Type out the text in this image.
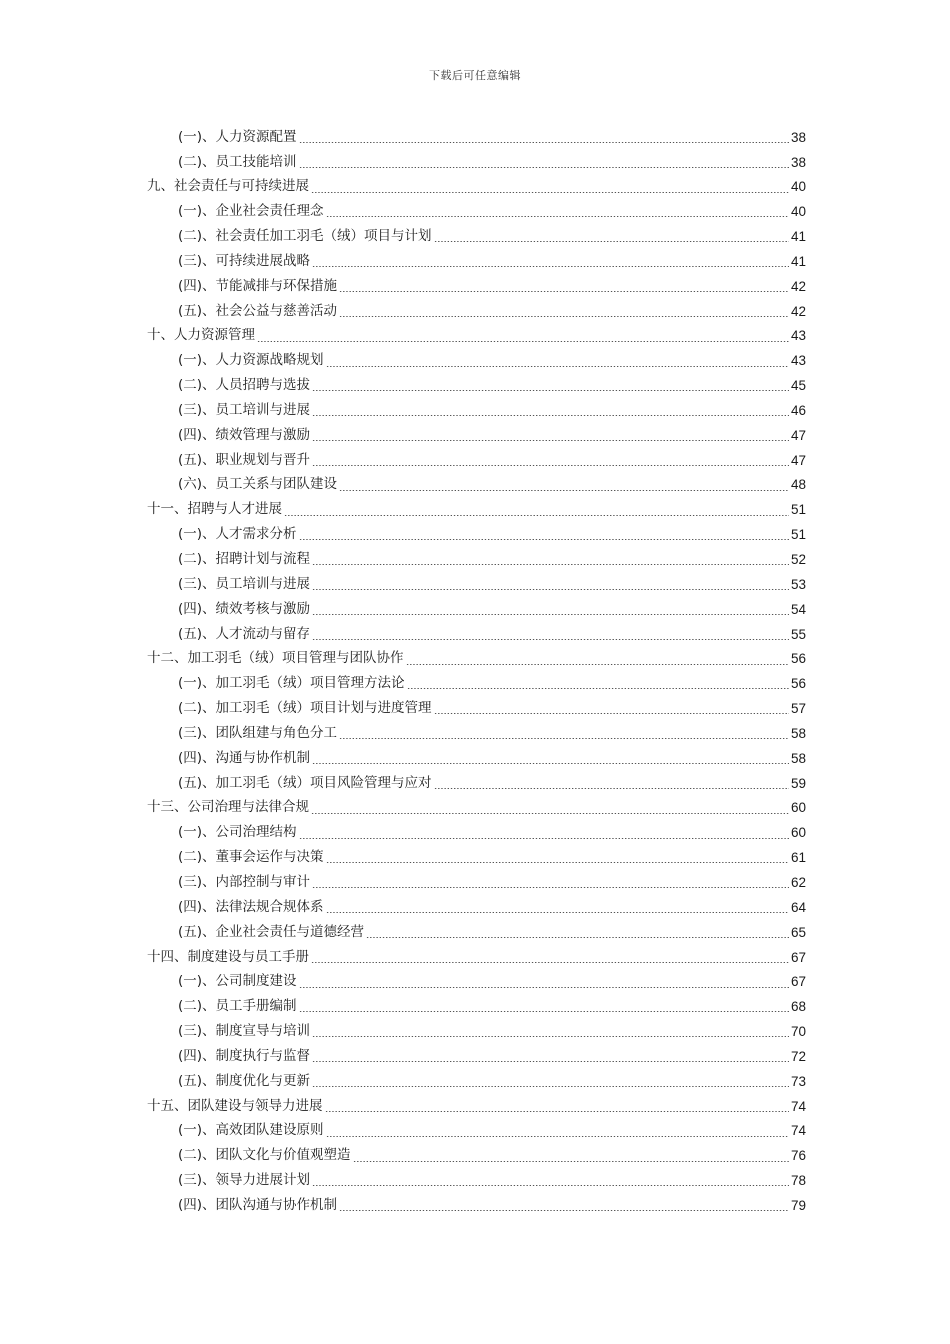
下载后可任意编辑
(一)、人力资源配置	38
(二)、员工技能培训	38
九、社会责任与可持续进展	40
(一)、企业社会责任理念	40
(二)、社会责任加工羽毛（绒）项目与计划	41
(三)、可持续进展战略	41
(四)、节能减排与环保措施	42
(五)、社会公益与慈善活动	42
十、人力资源管理	43
(一)、人力资源战略规划	43
(二)、人员招聘与选拔	45
(三)、员工培训与进展	46
(四)、绩效管理与激励	47
(五)、职业规划与晋升	47
(六)、员工关系与团队建设	48
十一、招聘与人才进展	51
(一)、人才需求分析	51
(二)、招聘计划与流程	52
(三)、员工培训与进展	53
(四)、绩效考核与激励	54
(五)、人才流动与留存	55
十二、加工羽毛（绒）项目管理与团队协作	56
(一)、加工羽毛（绒）项目管理方法论	56
(二)、加工羽毛（绒）项目计划与进度管理	57
(三)、团队组建与角色分工	58
(四)、沟通与协作机制	58
(五)、加工羽毛（绒）项目风险管理与应对	59
十三、公司治理与法律合规	60
(一)、公司治理结构	60
(二)、董事会运作与决策	61
(三)、内部控制与审计	62
(四)、法律法规合规体系	64
(五)、企业社会责任与道德经营	65
十四、制度建设与员工手册	67
(一)、公司制度建设	67
(二)、员工手册编制	68
(三)、制度宣导与培训	70
(四)、制度执行与监督	72
(五)、制度优化与更新	73
十五、团队建设与领导力进展	74
(一)、高效团队建设原则	74
(二)、团队文化与价值观塑造	76
(三)、领导力进展计划	78
(四)、团队沟通与协作机制	79
